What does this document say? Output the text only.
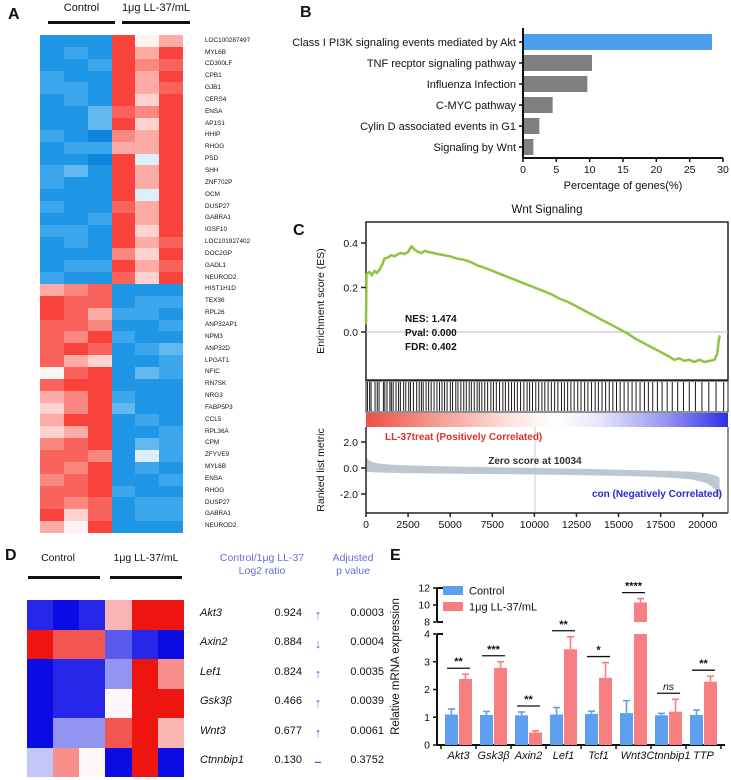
A	Control	1μg LL-37/mL
LOC100287497
MYL6B
CD300LF
CPB1
GJB1
CERS4
ENSA
AP1S1
HHIP
RHOG
PSD
SHH
ZNF702P
OCM
DUSP27
GABRA1
IGSF10
LOC101927402
DOC2GP
GADL1
NEUROD2
HIST1H1D
TEX36
RPL26
ANP32AP1
NPM3
ANP32D
LPGAT1
NFIC
RN7SK
NRG3
FABP5P3
CCL5
RPL36A
CPM
ZFYVE9
MYL6B
ENSA
RHOG
DUSP27
GABRA1
NEUROD2
B
Class I PI3K signaling events mediated by Akt
TNF recptor signaling pathway
Influenza Infection
C-MYC pathway
Cylin D associated events in G1
Signaling by Wnt
0	5 10 15 20 25 30
Percentage of genes(%)
C
Wnt Signaling
0.4
0.2
0.0
Enrichment score (ES)	NES: 1.474
Pval: 0.000
FDR: 0.402
2.0
0.0
-2.0
Ranked list metric
0	2500 5000 7500 10000 12500 15000 17500 20000
LL-37treat (Positively Correlated)
Zero score at 10034
con (Negatively Correlated)
D	Control	1μg LL-37/mL	Control/1μg LL-37
Log2 ratio
Adjusted
p value
Akt3	0.924 ↑	0.0003
Axin2	0.884 ↓	0.0004
Lef1	0.824 ↑	0.0035
Gsk3β	0.466 ↑	0.0039
Wnt3	0.677 ↑	0.0061
Ctnnbip1	0.130 –	0.3752
E
0
1
2
3
4
8
10
12
Relative mRNA expression
Control
1μg LL-37/mL
**
Akt3
***
Gsk3β
**
Axin2
**
Lef1
*
Tcf1
****
Wnt3
ns
Ctnnbip1
**
TTP
